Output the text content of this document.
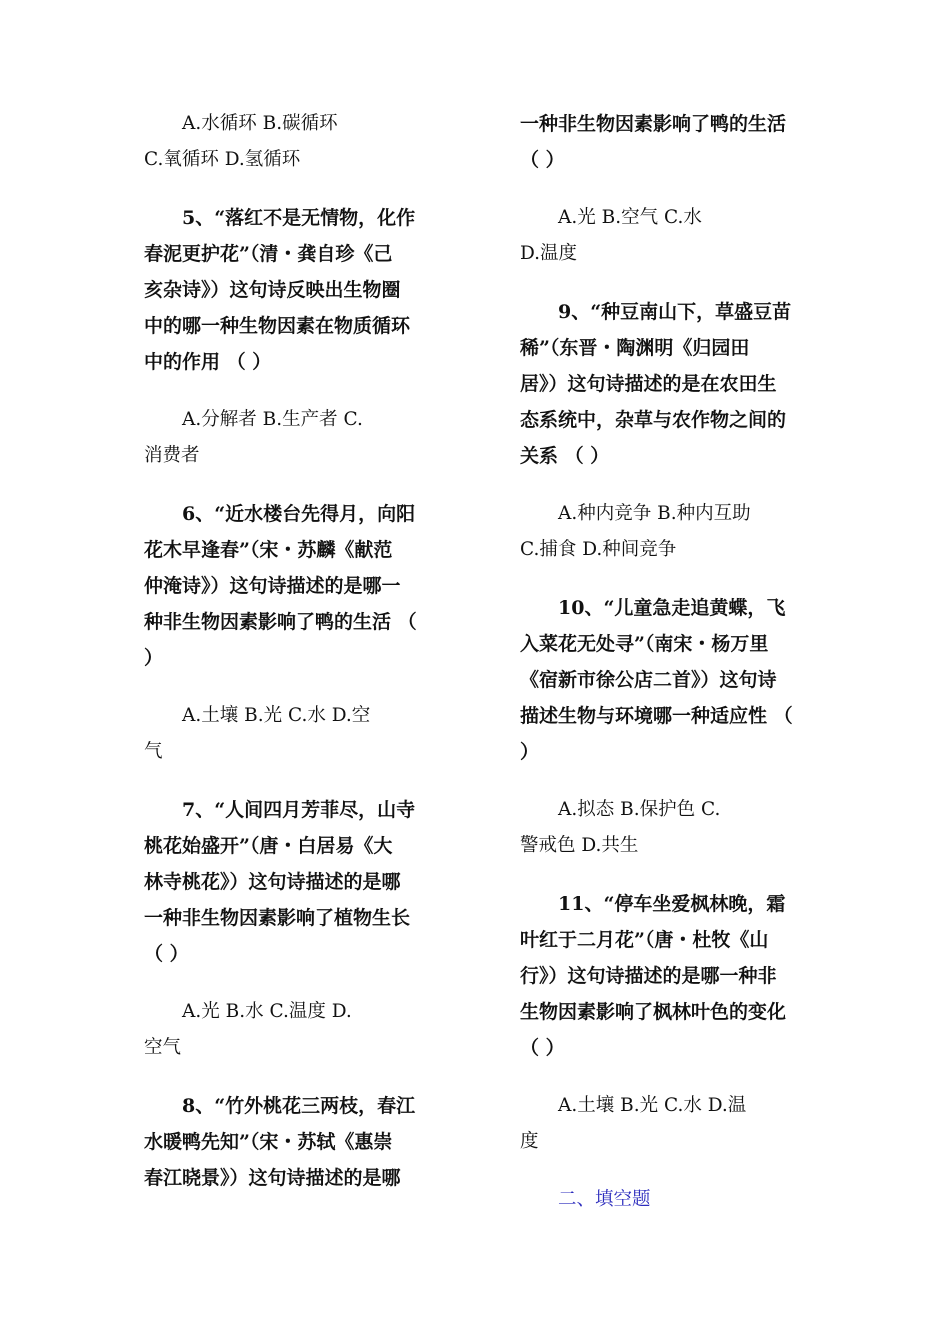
A.水循环 B.碳循环
C.氧循环 D.氢循环
5、“落红不是无情物，化作
春泥更护花”（清・龚自珍《己
亥杂诗》）这句诗反映出生物圈
中的哪一种生物因素在物质循环
中的作用 （ ）
A.分解者 B.生产者 C.
消费者
6、“近水楼台先得月，向阳
花木早逢春”（宋・苏麟《献范
仲淹诗》）这句诗描述的是哪一
种非生物因素影响了鸭的生活 （
）
A.土壤 B.光 C.水 D.空
气
7、“人间四月芳菲尽，山寺
桃花始盛开”（唐・白居易《大
林寺桃花》）这句诗描述的是哪
一种非生物因素影响了植物生长
（ ）
A.光 B.水 C.温度 D.
空气
8、“竹外桃花三两枝，春江
水暖鸭先知”（宋・苏轼《惠崇
春江晓景》）这句诗描述的是哪
一种非生物因素影响了鸭的生活
（ ）
A.光 B.空气 C.水
D.温度
9、“种豆南山下，草盛豆苗
稀”（东晋・陶渊明《归园田
居》）这句诗描述的是在农田生
态系统中，杂草与农作物之间的
关系 （ ）
A.种内竞争 B.种内互助
C.捕食 D.种间竞争
10、“儿童急走追黄蝶，飞
入菜花无处寻”（南宋・杨万里
《宿新市徐公店二首》）这句诗
描述生物与环境哪一种适应性 （
）
A.拟态 B.保护色 C.
警戒色 D.共生
11、“停车坐爱枫林晚，霜
叶红于二月花”（唐・杜牧《山
行》）这句诗描述的是哪一种非
生物因素影响了枫林叶色的变化
（ ）
A.土壤 B.光 C.水 D.温
度
二、填空题
